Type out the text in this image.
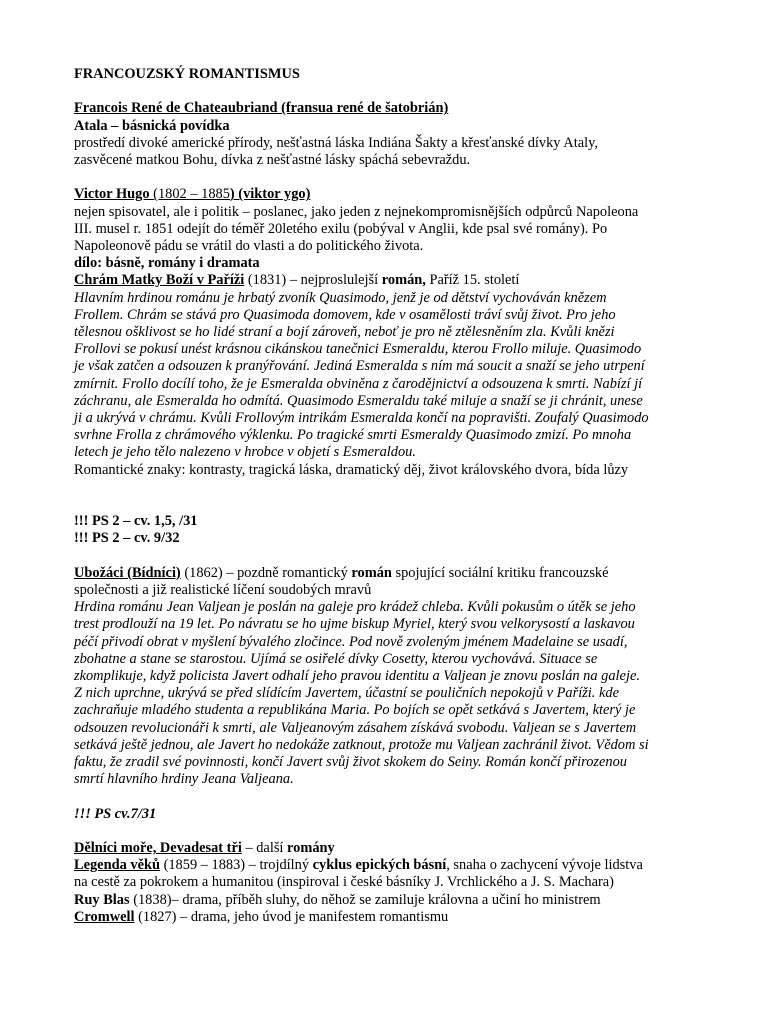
FRANCOUZSKÝ ROMANTISMUS

Francois René de Chateaubriand (fransua rené de šatobrián)
Atala – básnická povídka
prostředí divoké americké přírody, nešťastná láska Indiána Šakty a křesťanské dívky Ataly,
zasvěcené matkou Bohu, dívka z nešťastné lásky spáchá sebevraždu.
Victor Hugo (1802 – 1885) (viktor ygo)
nejen spisovatel, ale i politik – poslanec, jako jeden z nejnekompromisnějších odpůrců Napoleona
III. musel r. 1851 odejít do téměř 20letého exilu (pobýval v Anglii, kde psal své romány). Po
Napoleonově pádu se vrátil do vlasti a do politického života.
dílo: básně, romány i dramata
Chrám Matky Boží v Paříži (1831) – nejproslulejší román, Paříž 15. století
Hlavním hrdinou románu je hrbatý zvoník Quasimodo, jenž je od dětství vychováván knězem
Frollem. Chrám se stává pro Quasimoda domovem, kde v osamělosti tráví svůj život. Pro jeho
tělesnou ošklivost se ho lidé straní a bojí zároveň, neboť je pro ně ztělesněním zla. Kvůli knězi
Frollovi se pokusí unést krásnou cikánskou tanečnici Esmeraldu, kterou Frollo miluje. Quasimodo
je však zatčen a odsouzen k pranýřování. Jediná Esmeralda s ním má soucit a snaží se jeho utrpení
zmírnit. Frollo docílí toho, že je Esmeralda obviněna z čarodějnictví a odsouzena k smrti. Nabízí jí
záchranu, ale Esmeralda ho odmítá. Quasimodo Esmeraldu také miluje a snaží se ji chránit, unese
ji a ukrývá v chrámu. Kvůli Frollovým intrikám Esmeralda končí na popravišti. Zoufalý Quasimodo
svrhne Frolla z chrámového výklenku. Po tragické smrti Esmeraldy Quasimodo zmizí. Po mnoha
letech je jeho tělo nalezeno v hrobce v objetí s Esmeraldou.
Romantické znaky: kontrasty, tragická láska, dramatický děj, život královského dvora, bída lůzy
!!! PS 2 – cv. 1,5, /31
!!! PS 2 – cv. 9/32
Ubožáci (Bídníci) (1862) – pozdně romantický román spojující sociální kritiku francouzské
společnosti a již realistické líčení soudobých mravů
Hrdina románu Jean Valjean je poslán na galeje pro krádež chleba. Kvůli pokusům o útěk se jeho
trest prodlouží na 19 let. Po návratu se ho ujme biskup Myriel, který svou velkorysostí a laskavou
péčí přivodí obrat v myšlení bývalého zločince. Pod nově zvoleným jménem Madelaine se usadí,
zbohatne a stane se starostou. Ujímá se osiřelé dívky Cosetty, kterou vychovává. Situace se
zkomplikuje, když policista Javert odhalí jeho pravou identitu a Valjean je znovu poslán na galeje.
Z nich uprchne, ukrývá se před slídícím Javertem, účastní se pouličních nepokojů v Paříži. kde
zachraňuje mladého studenta a republikána Maria. Po bojích se opět setkává s Javertem, který je
odsouzen revolucionáři k smrti, ale Valjeanovým zásahem získává svobodu. Valjean se s Javertem
setkává ještě jednou, ale Javert ho nedokáže zatknout, protože mu Valjean zachránil život. Vědom si
faktu, že zradil své povinnosti, končí Javert svůj život skokem do Seiny. Román končí přirozenou
smrtí hlavního hrdiny Jeana Valjeana.
!!! PS cv.7/31
Dělníci moře, Devadesat tři – další romány
Legenda věků (1859 – 1883) – trojdílný cyklus epických básní, snaha o zachycení vývoje lidstva
na cestě za pokrokem a humanitou (inspiroval i české básníky J. Vrchlického a J. S. Machara)
Ruy Blas (1838)– drama, příběh sluhy, do něhož se zamiluje královna a učiní ho ministrem
Cromwell (1827) – drama, jeho úvod je manifestem romantismu
